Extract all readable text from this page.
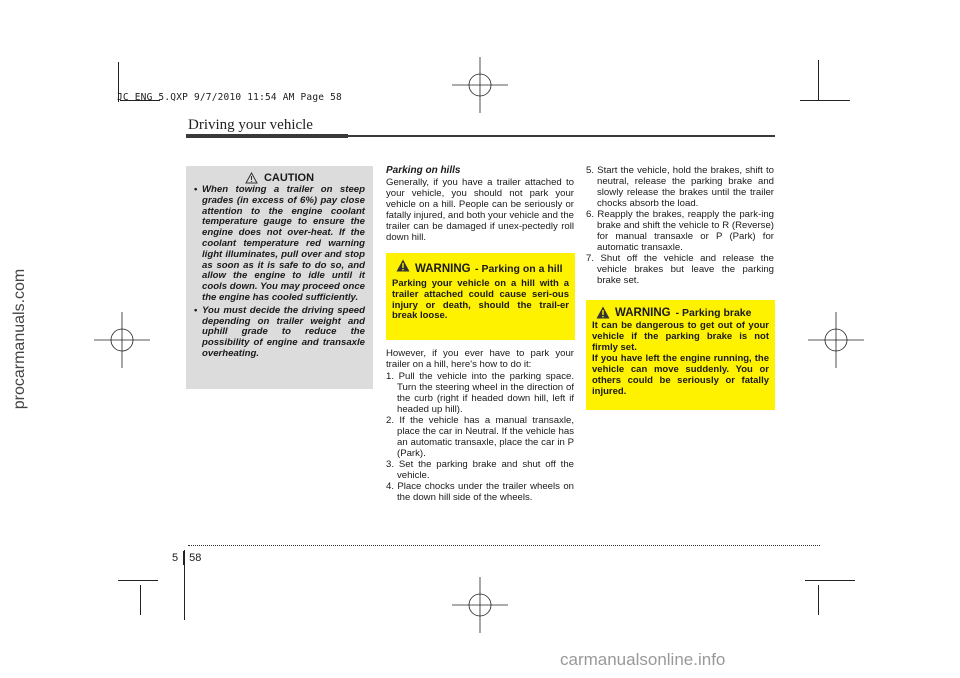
JC ENG 5.QXP 9/7/2010 11:54 AM Page 58
procarmanuals.com
carmanualsonline.info
Driving your vehicle
CAUTION
• When towing a trailer on steep grades (in excess of 6%) pay close attention to the engine coolant temperature gauge to ensure the engine does not over-heat. If the coolant temperature red warning light illuminates, pull over and stop as soon as it is safe to do so, and allow the engine to idle until it cools down. You may proceed once the engine has cooled sufficiently.
• You must decide the driving speed depending on trailer weight and uphill grade to reduce the possibility of engine and transaxle overheating.
Parking on hills

Generally, if you have a trailer attached to your vehicle, you should not park your vehicle on a hill. People can be seriously or fatally injured, and both your vehicle and the trailer can be damaged if unex-pectedly roll down hill.

WARNING - Parking on a hill

Parking your vehicle on a hill with a trailer attached could cause seri-ous injury or death, should the trail-er break loose.

However, if you ever have to park your trailer on a hill, here's how to do it:

1. Pull the vehicle into the parking space. Turn the steering wheel in the direction of the curb (right if headed down hill, left if headed up hill).
2. If the vehicle has a manual transaxle, place the car in Neutral. If the vehicle has an automatic transaxle, place the car in P (Park).
3. Set the parking brake and shut off the vehicle.
4. Place chocks under the trailer wheels on the down hill side of the wheels.
5. Start the vehicle, hold the brakes, shift to neutral, release the parking brake and slowly release the brakes until the trailer chocks absorb the load.
6. Reapply the brakes, reapply the park-ing brake and shift the vehicle to R (Reverse) for manual transaxle or P (Park) for automatic transaxle.
7. Shut off the vehicle and release the vehicle brakes but leave the parking brake set.
WARNING - Parking brake

It can be dangerous to get out of your vehicle if the parking brake is not firmly set.

If you have left the engine running, the vehicle can move suddenly. You or others could be seriously or fatally injured.

5 58
